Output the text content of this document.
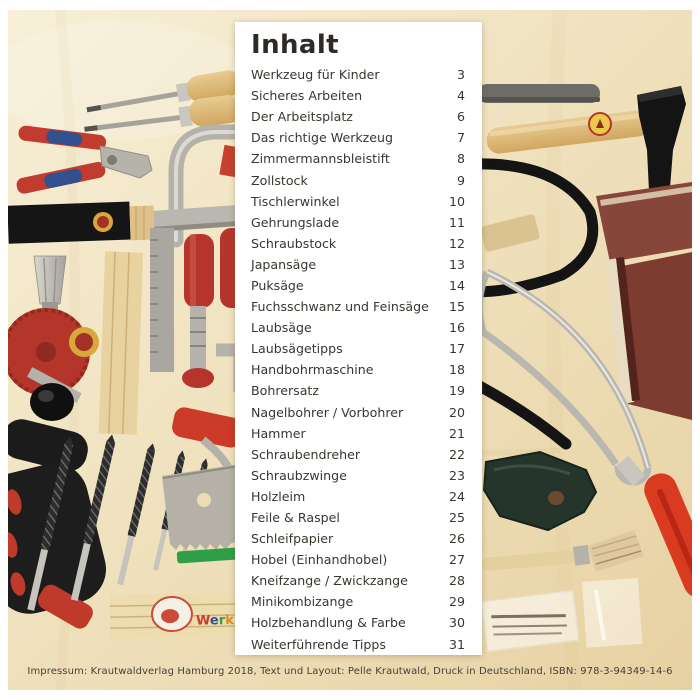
Werk
Inhalt
Werkzeug für Kinder	3
Sicheres Arbeiten	4
Der Arbeitsplatz	6
Das richtige Werkzeug	7
Zimmermannsbleistift	8
Zollstock	9
Tischlerwinkel	10
Gehrungslade	11
Schraubstock	12
Japansäge	13
Puksäge	14
Fuchsschwanz und Feinsäge	15
Laubsäge	16
Laubsägetipps	17
Handbohrmaschine	18
Bohrersatz	19
Nagelbohrer / Vorbohrer	20
Hammer	21
Schraubendreher	22
Schraubzwinge	23
Holzleim	24
Feile & Raspel	25
Schleifpapier	26
Hobel (Einhandhobel)	27
Kneifzange / Zwickzange	28
Minikombizange	29
Holzbehandlung & Farbe	30
Weiterführende Tipps	31
Impressum: Krautwaldverlag Hamburg 2018, Text und Layout: Pelle Krautwald, Druck in Deutschland, ISBN: 978-3-94349-14-6
